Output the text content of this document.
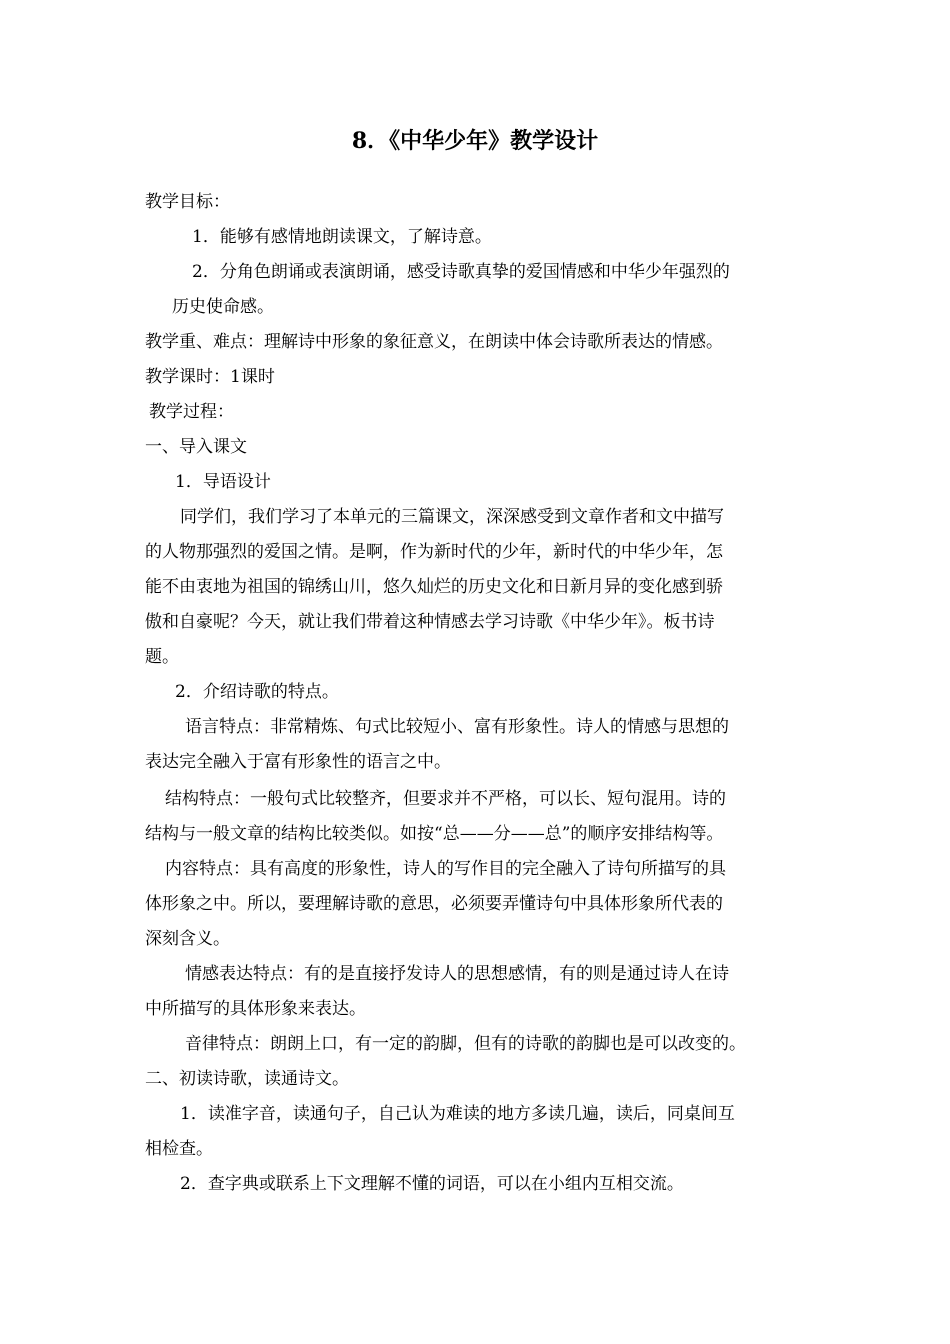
8．《中华少年》教学设计
教学目标：
1．能够有感情地朗读课文，了解诗意。
2．分角色朗诵或表演朗诵，感受诗歌真挚的爱国情感和中华少年强烈的
历史使命感。
教学重、难点：理解诗中形象的象征意义，在朗读中体会诗歌所表达的情感。
教学课时：1课时
教学过程：
一、导入课文
1．导语设计
同学们，我们学习了本单元的三篇课文，深深感受到文章作者和文中描写
的人物那强烈的爱国之情。是啊，作为新时代的少年，新时代的中华少年，怎
能不由衷地为祖国的锦绣山川，悠久灿烂的历史文化和日新月异的变化感到骄
傲和自豪呢？今天，就让我们带着这种情感去学习诗歌《中华少年》。板书诗
题。
2．介绍诗歌的特点。
语言特点：非常精炼、句式比较短小、富有形象性。诗人的情感与思想的
表达完全融入于富有形象性的语言之中。
结构特点：一般句式比较整齐，但要求并不严格，可以长、短句混用。诗的
结构与一般文章的结构比较类似。如按“总——分——总”的顺序安排结构等。
内容特点：具有高度的形象性，诗人的写作目的完全融入了诗句所描写的具
体形象之中。所以，要理解诗歌的意思，必须要弄懂诗句中具体形象所代表的
深刻含义。
情感表达特点：有的是直接抒发诗人的思想感情，有的则是通过诗人在诗
中所描写的具体形象来表达。
音律特点：朗朗上口，有一定的韵脚，但有的诗歌的韵脚也是可以改变的。
二、初读诗歌，读通诗文。
1．读准字音，读通句子，自己认为难读的地方多读几遍，读后，同桌间互
相检查。
2．查字典或联系上下文理解不懂的词语，可以在小组内互相交流。
